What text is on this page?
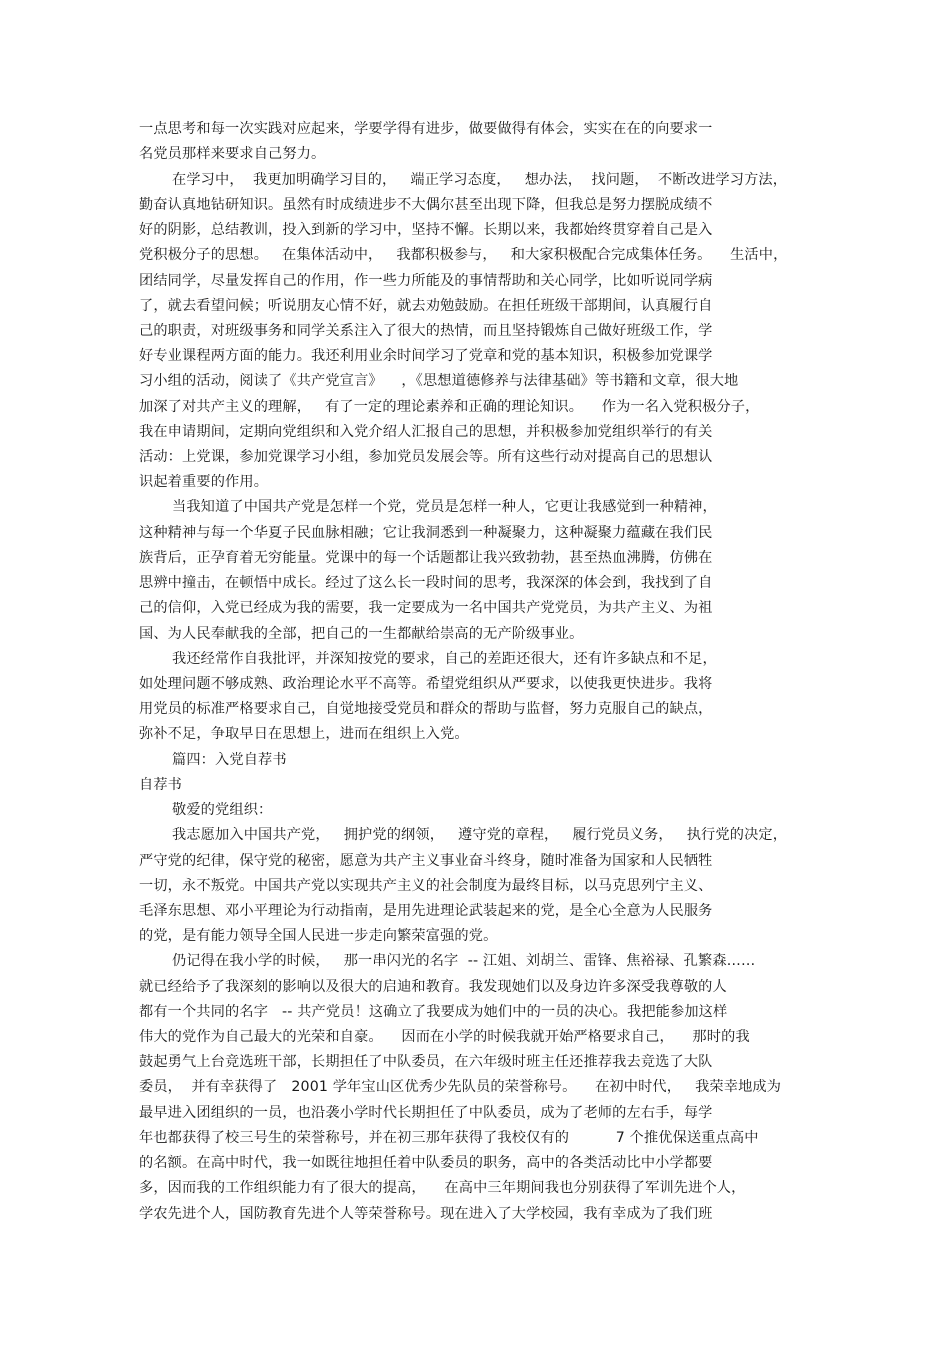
一点思考和每一次实践对应起来，学要学得有进步，做要做得有体会，实实在在的向要求一
名党员那样来要求自己努力。
在学习中，  我更加明确学习目的，   端正学习态度，   想办法，  找问题，  不断改进学习方法，
勤奋认真地钻研知识。虽然有时成绩进步不大偶尔甚至出现下降，但我总是努力摆脱成绩不
好的阴影，总结教训，投入到新的学习中，坚持不懈。长期以来，我都始终贯穿着自己是入
党积极分子的思想。   在集体活动中，   我都积极参与，   和大家积极配合完成集体任务。    生活中，
团结同学，尽量发挥自己的作用，作一些力所能及的事情帮助和关心同学，比如听说同学病
了，就去看望问候；听说朋友心情不好，就去劝勉鼓励。在担任班级干部期间，认真履行自
己的职责，对班级事务和同学关系注入了很大的热情，而且坚持锻炼自己做好班级工作，学
好专业课程两方面的能力。我还利用业余时间学习了党章和党的基本知识，积极参加党课学
习小组的活动，阅读了《共产党宣言》    ，《思想道德修养与法律基础》等书籍和文章，很大地
加深了对共产主义的理解，   有了一定的理论素养和正确的理论知识。    作为一名入党积极分子，
我在申请期间，定期向党组织和入党介绍人汇报自己的思想，并积极参加党组织举行的有关
活动：上党课，参加党课学习小组，参加党员发展会等。所有这些行动对提高自己的思想认
识起着重要的作用。
当我知道了中国共产党是怎样一个党，党员是怎样一种人，它更让我感觉到一种精神，
这种精神与每一个华夏子民血脉相融；它让我洞悉到一种凝聚力，这种凝聚力蕴藏在我们民
族背后，正孕育着无穷能量。党课中的每一个话题都让我兴致勃勃，甚至热血沸腾，仿佛在
思辨中撞击，在顿悟中成长。经过了这么长一段时间的思考，我深深的体会到，我找到了自
己的信仰，入党已经成为我的需要，我一定要成为一名中国共产党党员，为共产主义、为祖
国、为人民奉献我的全部，把自己的一生都献给崇高的无产阶级事业。
我还经常作自我批评，并深知按党的要求，自己的差距还很大，还有许多缺点和不足，
如处理问题不够成熟、政治理论水平不高等。希望党组织从严要求，以使我更快进步。我将
用党员的标准严格要求自己，自觉地接受党员和群众的帮助与监督，努力克服自己的缺点，
弥补不足，争取早日在思想上，进而在组织上入党。
篇四：入党自荐书
自荐书
敬爱的党组织：
我志愿加入中国共产党，   拥护党的纲领，   遵守党的章程，   履行党员义务，   执行党的决定，
严守党的纪律，保守党的秘密，愿意为共产主义事业奋斗终身，随时准备为国家和人民牺牲
一切，永不叛党。中国共产党以实现共产主义的社会制度为最终目标，以马克思列宁主义、
毛泽东思想、邓小平理论为行动指南，是用先进理论武装起来的党，是全心全意为人民服务
的党，是有能力领导全国人民进一步走向繁荣富强的党。
仍记得在我小学的时候，   那一串闪光的名字  -- 江姐、刘胡兰、雷锋、焦裕禄、孔繁森……
就已经给予了我深刻的影响以及很大的启迪和教育。我发现她们以及身边许多深受我尊敬的人
都有一个共同的名字   -- 共产党员！这确立了我要成为她们中的一员的决心。我把能参加这样
伟大的党作为自己最大的光荣和自豪。    因而在小学的时候我就开始严格要求自己，    那时的我
鼓起勇气上台竞选班干部，长期担任了中队委员，在六年级时班主任还推荐我去竞选了大队
委员，  并有幸获得了   2001 学年宝山区优秀少先队员的荣誉称号。    在初中时代，   我荣幸地成为
最早进入团组织的一员，也沿袭小学时代长期担任了中队委员，成为了老师的左右手，每学
年也都获得了校三号生的荣誉称号，并在初三那年获得了我校仅有的          7 个推优保送重点高中
的名额。在高中时代，我一如既往地担任着中队委员的职务，高中的各类活动比中小学都要
多，因而我的工作组织能力有了很大的提高，    在高中三年期间我也分别获得了军训先进个人，
学农先进个人，国防教育先进个人等荣誉称号。现在进入了大学校园，我有幸成为了我们班
